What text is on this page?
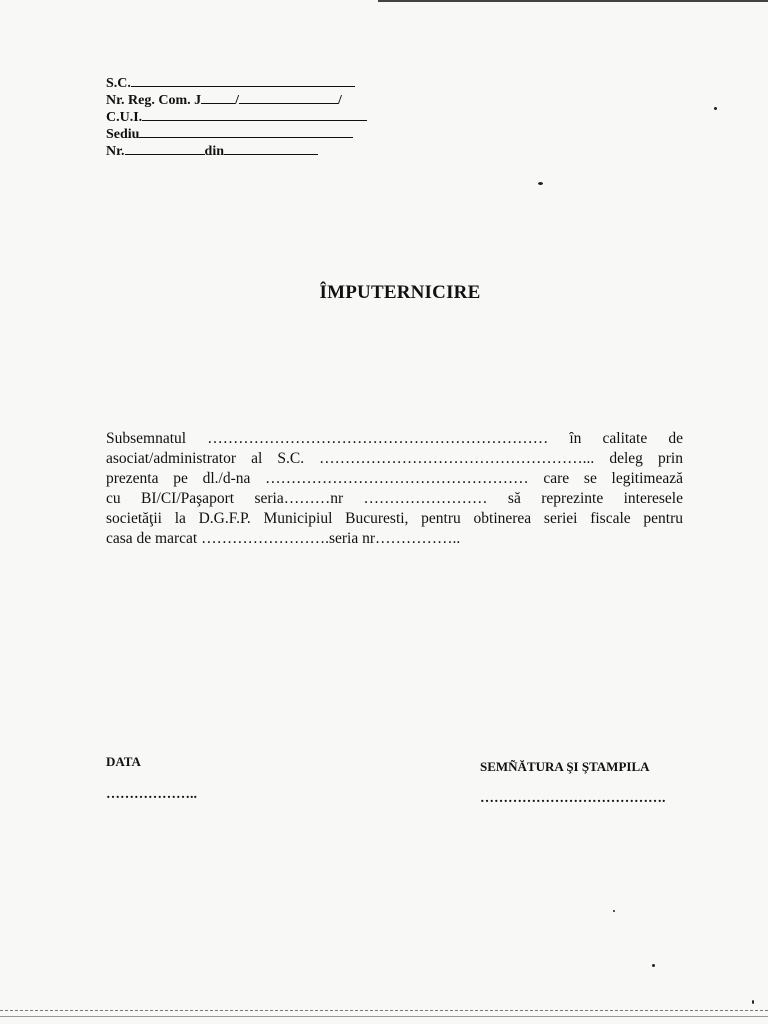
S.C.
Nr. Reg. Com. J /	/
C.U.I.
Sediu
Nr.	din
ÎMPUTERNICIRE
Subsemnatul ………………………………………………………… în calitate de
asociat/administrator al S.C. ……………………………………………... deleg prin
prezenta pe dl./d-na …………………………………………… care se legitimează
cu BI/CI/Paşaport seria………nr …………………… să reprezinte interesele
societăţii la D.G.F.P. Municipiul Bucuresti, pentru obtinerea seriei fiscale pentru
casa de marcat …………………….seria nr……………..
DATA
………………..
SEMÑĂTURA ŞI ŞTAMPILA
………………………………….
